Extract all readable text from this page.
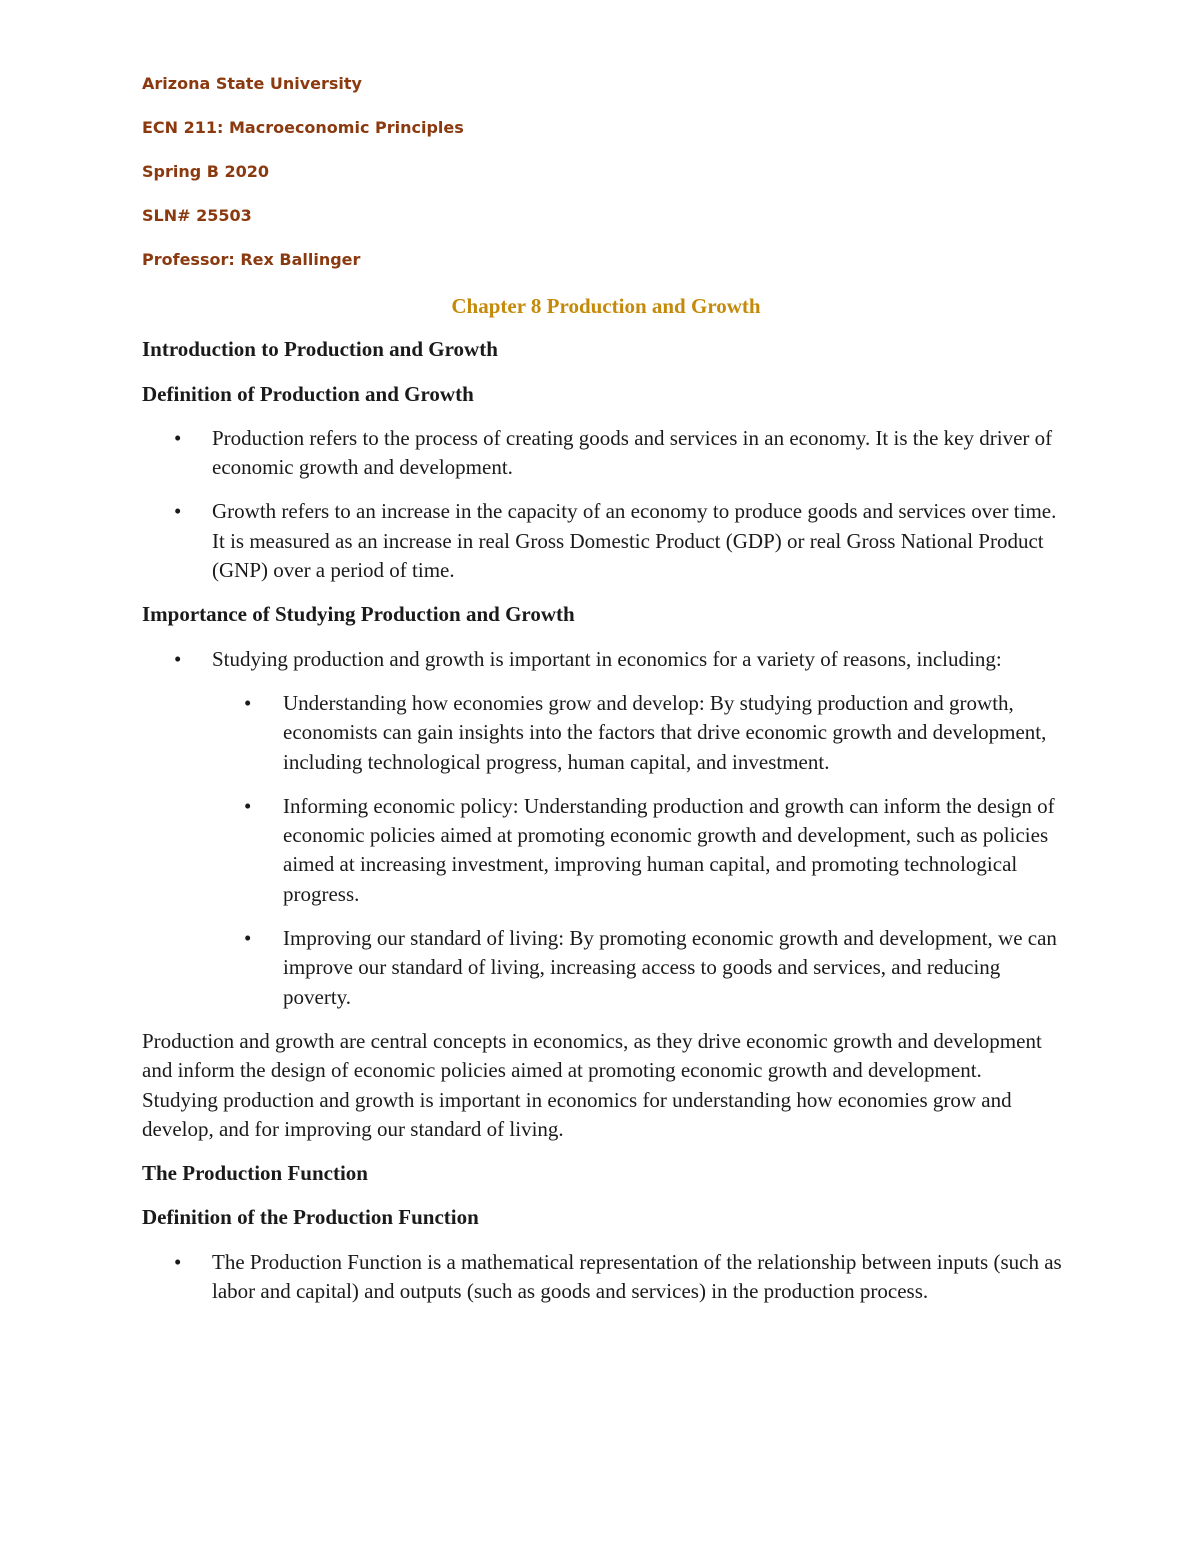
Arizona State University

ECN 211: Macroeconomic Principles

Spring B 2020

SLN# 25503

Professor: Rex Ballinger

Chapter 8 Production and Growth

Introduction to Production and Growth

Definition of Production and Growth

• Production refers to the process of creating goods and services in an economy. It is the key driver of economic growth and development.
• Growth refers to an increase in the capacity of an economy to produce goods and services over time. It is measured as an increase in real Gross Domestic Product (GDP) or real Gross National Product (GNP) over a period of time.

Importance of Studying Production and Growth

• Studying production and growth is important in economics for a variety of reasons, including:
• Understanding how economies grow and develop: By studying production and growth, economists can gain insights into the factors that drive economic growth and development, including technological progress, human capital, and investment.
• Informing economic policy: Understanding production and growth can inform the design of economic policies aimed at promoting economic growth and development, such as policies aimed at increasing investment, improving human capital, and promoting technological progress.
• Improving our standard of living: By promoting economic growth and development, we can improve our standard of living, increasing access to goods and services, and reducing poverty.

Production and growth are central concepts in economics, as they drive economic growth and development and inform the design of economic policies aimed at promoting economic growth and development. Studying production and growth is important in economics for understanding how economies grow and develop, and for improving our standard of living.

The Production Function

Definition of the Production Function

• The Production Function is a mathematical representation of the relationship between inputs (such as labor and capital) and outputs (such as goods and services) in the production process.
